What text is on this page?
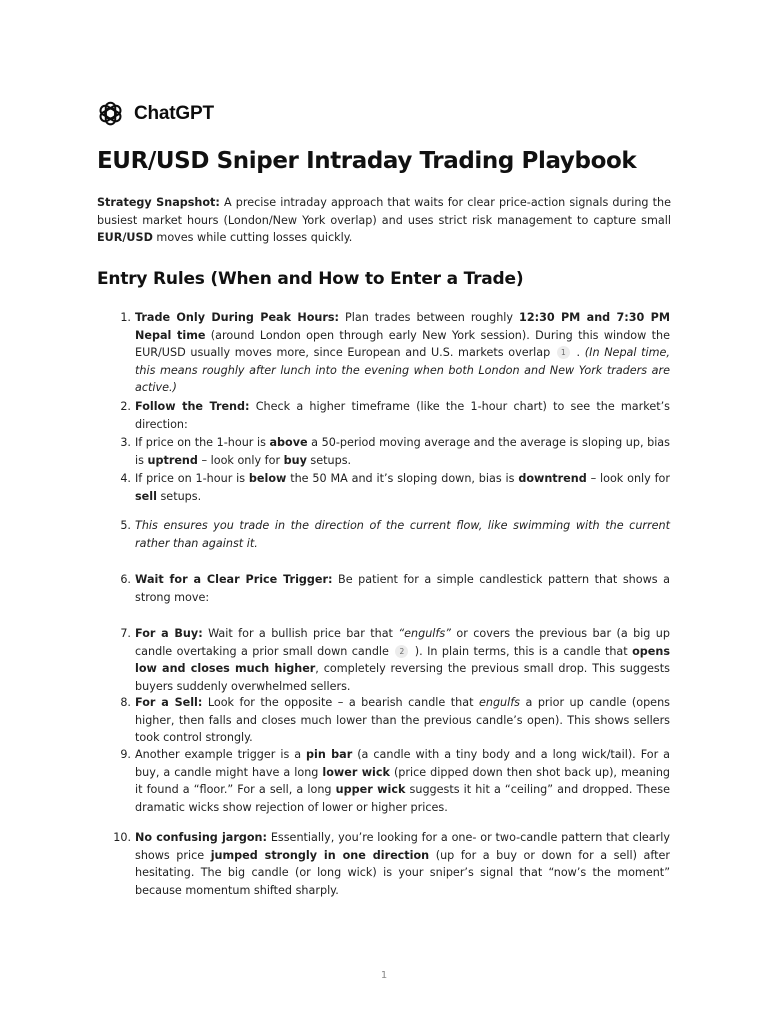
ChatGPT
EUR/USD Sniper Intraday Trading Playbook

Strategy Snapshot: A precise intraday approach that waits for clear price-action signals during the busiest market hours (London/New York overlap) and uses strict risk management to capture small EUR/USD moves while cutting losses quickly.

Entry Rules (When and How to Enter a Trade)
1. Trade Only During Peak Hours: Plan trades between roughly 12:30 PM and 7:30 PM Nepal time (around London open through early New York session). During this window the EUR/USD usually moves more, since European and U.S. markets overlap 1 . (In Nepal time, this means roughly after lunch into the evening when both London and New York traders are active.)
2. Follow the Trend: Check a higher timeframe (like the 1-hour chart) to see the market’s direction:
3. If price on the 1-hour is above a 50-period moving average and the average is sloping up, bias is uptrend – look only for buy setups.
4. If price on 1-hour is below the 50 MA and it’s sloping down, bias is downtrend – look only for sell setups.
5. This ensures you trade in the direction of the current flow, like swimming with the current rather than against it.
6. Wait for a Clear Price Trigger: Be patient for a simple candlestick pattern that shows a strong move:
7. For a Buy: Wait for a bullish price bar that “engulfs” or covers the previous bar (a big up candle overtaking a prior small down candle 2 ). In plain terms, this is a candle that opens low and closes much higher, completely reversing the previous small drop. This suggests buyers suddenly overwhelmed sellers.
8. For a Sell: Look for the opposite – a bearish candle that engulfs a prior up candle (opens higher, then falls and closes much lower than the previous candle’s open). This shows sellers took control strongly.
9. Another example trigger is a pin bar (a candle with a tiny body and a long wick/tail). For a buy, a candle might have a long lower wick (price dipped down then shot back up), meaning it found a “floor.” For a sell, a long upper wick suggests it hit a “ceiling” and dropped. These dramatic wicks show rejection of lower or higher prices.
10. No confusing jargon: Essentially, you’re looking for a one- or two-candle pattern that clearly shows price jumped strongly in one direction (up for a buy or down for a sell) after hesitating. The big candle (or long wick) is your sniper’s signal that “now’s the moment” because momentum shifted sharply.
1
